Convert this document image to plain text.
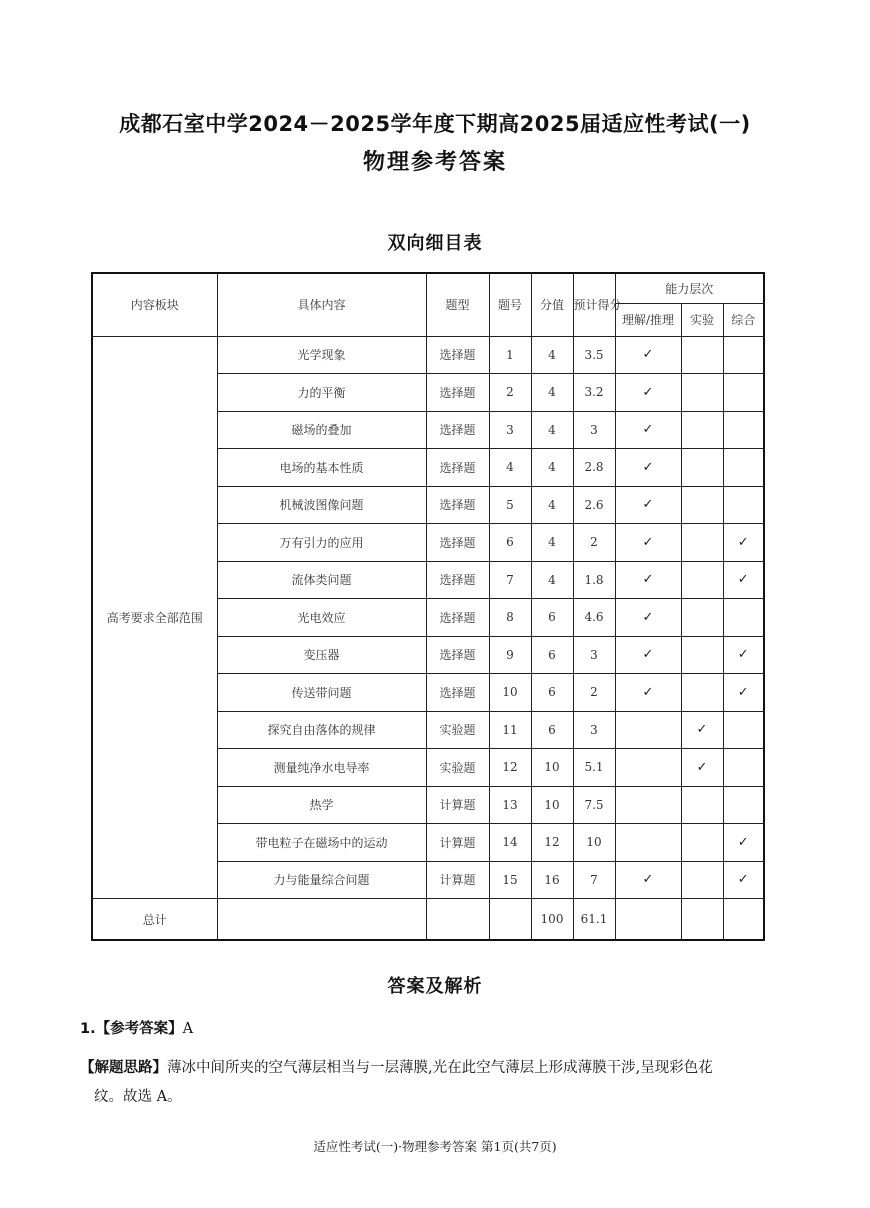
成都石室中学2024－2025学年度下期高2025届适应性考试(一)
物理参考答案
双向细目表
内容板块	具体内容	题型	题号	分值	预计得分	能力层次		
						理解/推理	实验	综合
高考要求全部范围	光学现象	选择题	1	4	3.5	✓		
	力的平衡	选择题	2	4	3.2	✓		
	磁场的叠加	选择题	3	4	3	✓		
	电场的基本性质	选择题	4	4	2.8	✓		
	机械波图像问题	选择题	5	4	2.6	✓		
	万有引力的应用	选择题	6	4	2	✓		✓
	流体类问题	选择题	7	4	1.8	✓		✓
	光电效应	选择题	8	6	4.6	✓		
	变压器	选择题	9	6	3	✓		✓
	传送带问题	选择题	10	6	2	✓		✓
	探究自由落体的规律	实验题	11	6	3		✓	
	测量纯净水电导率	实验题	12	10	5.1		✓	
	热学	计算题	13	10	7.5			
	带电粒子在磁场中的运动	计算题	14	12	10			✓
	力与能量综合问题	计算题	15	16	7	✓		✓
总计				100	61.1			
答案及解析
1.【参考答案】A
【解题思路】薄冰中间所夹的空气薄层相当与一层薄膜,光在此空气薄层上形成薄膜干涉,呈现彩色花
纹。故选 A。
适应性考试(一)·物理参考答案 第1页(共7页)
